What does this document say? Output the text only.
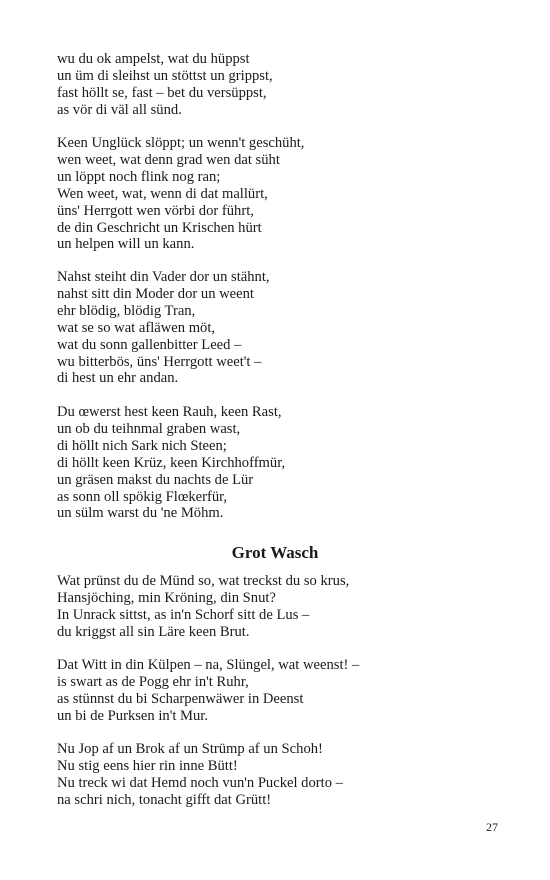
wu du ok ampelst, wat du hüppst
un üm di sleihst un stöttst un grippst,
fast höllt se, fast – bet du versüppst,
as vör di väl all sünd.
Keen Unglück slöppt; un wenn't geschüht,
wen weet, wat denn grad wen dat süht
un löppt noch flink nog ran;
Wen weet, wat, wenn di dat mallürt,
üns' Herrgott wen vörbi dor führt,
de din Geschricht un Krischen hürt
un helpen will un kann.
Nahst steiht din Vader dor un stähnt,
nahst sitt din Moder dor un weent
ehr blödig, blödig Tran,
wat se so wat afläwen möt,
wat du sonn gallenbitter Leed –
wu bitterbös, üns' Herrgott weet't –
di hest un ehr andan.
Du œwerst hest keen Rauh, keen Rast,
un ob du teihnmal graben wast,
di höllt nich Sark nich Steen;
di höllt keen Krüz, keen Kirchhoffmür,
un gräsen makst du nachts de Lür
as sonn oll spökig Flœkerfür,
un sülm warst du 'ne Möhm.
Grot Wasch
Wat prünst du de Münd so, wat treckst du so krus,
Hansjöching, min Kröning, din Snut?
In Unrack sittst, as in'n Schorf sitt de Lus –
du kriggst all sin Läre keen Brut.
Dat Witt in din Külpen – na, Slüngel, wat weenst! –
is swart as de Pogg ehr in't Ruhr,
as stünnst du bi Scharpenwäwer in Deenst
un bi de Purksen in't Mur.
Nu Jop af un Brok af un Strümp af un Schoh!
Nu stig eens hier rin inne Bütt!
Nu treck wi dat Hemd noch vun'n Puckel dorto –
na schri nich, tonacht gifft dat Grütt!
27
